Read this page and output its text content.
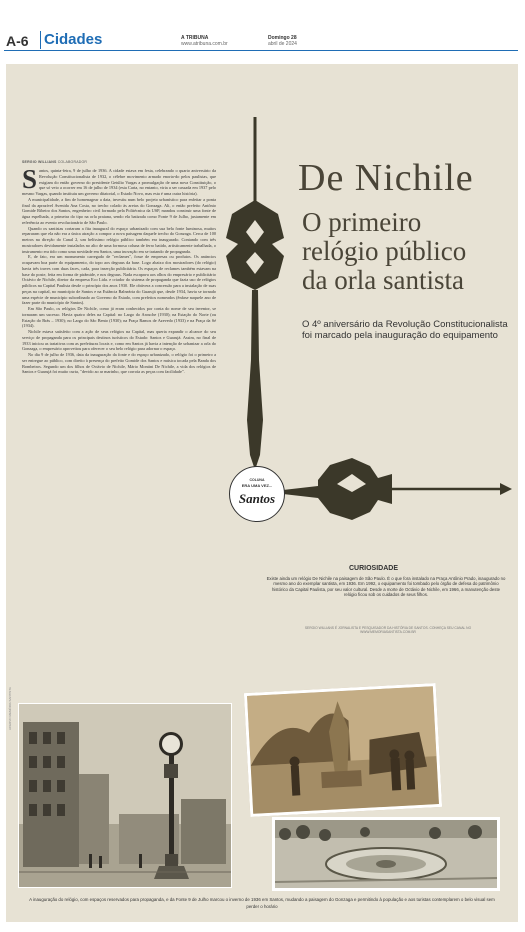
A-6 Cidades	A TRIBUNA
www.atribuna.com.br
Domingo 28
abril de 2024
SERGIO WILLIANS COLABORADOR

Santos, quinta-feira, 9 de julho de 1936. A cidade estava em festa, celebrando o quarto aniversário da Revolução Constitucionalista de 1932, o célebre movimento armado enorta-do pelos paulistas, que exigiam do então governo do presidente Getúlio Vargas a promulgação de uma nova Constituição, o que só veio a ocorrer em 16 de julho de 1934 (esta Carta, no entanto, viria a ser cassada em 1937 pelo mesmo Vargas, quando instituiu um governo ditatorial, o Estado Novo, mas esta é uma outra história).

A municipalidade, a fim de homenagear a data, investiu num belo projeto urbanístico para enfeitar a ponta final da aprazível Avenida Ana Costa, no trecho colado às areias do Gonzaga. Ali, o então prefeito Antônio Gomide Ribeiro dos Santos, engenheiro civil formado pela Politécnica da USP, mandou construir uma fonte de água espelhada, a primeira do tipo na orla praiana, sendo ela batizada como Fonte 9 de Julho, justamente em referência ao evento revolucionário de São Paulo.

Quando os santistas cortaram a fita inaugural do espaço urbanizado com sua bela fonte luminosa, muitos repararam que ela não era a única atração a compor a nova paisagem daquele trecho do Gonzaga. Cerca de 100 metros na direção do Canal 2, um belíssimo relógio público também era inaugurado. Contando com três mostradores devidamente instalados no alto de uma formosa coluna de ferro batido, artisticamente trabalhada, o instrumento era tido como uma novidade em Santos, uma inovação em se tratando de propaganda.

E, de fato, era um monumento carregado de "reclames", fosse de empresas ou produtos. Os anúncios ocupavam boa parte do equipamento, do topo aos degraus da base. Logo abaixo dos mostradores (do relógio) havia três traves com duas faces, cada, para inserção publicitária. Os espaços de reclames também estavam na base do poste, feita em forma de pirâmide, e nos degraus. Nada escapava aos olhos do empresário e publicitário Octávio de Nichile, diretor da empresa Eco Ltda. e criador do sistema de propaganda que fazia uso de relógios públicos na Capital Paulista desde o princípio dos anos 1930. Ele obtivera a concessão para a instalação de suas peças na capital, no município de Santos e na Estância Balneária do Guarujá que, desde 1934, havia se tornado uma espécie de município subordinado ao Governo do Estado, com prefeitos nomeados (ênfase naquele ano de fazer parte do município de Santos).

Em São Paulo, os relógios De Nichile, como já eram conhecidos por conta do nome de seu inventor, se tornaram um sucesso. Havia quatro deles na Capital: no Largo do Arouche (1930); na Estação do Norte (ou Estação do Brás – 1930); no Largo do São Bento (1930); na Praça Ramos de Azevedo (1933) e na Praça da Sé (1934).

Nichile estava satisfeito com a ação de seus relógios na Capital, mas queria expandir o alcance do seu serviço de propaganda para os principais destinos turísticos do Estado: Santos e Guarujá. Assim, no final de 1933 iniciou as tratativas com as prefeituras locais e, como em Santos já havia a intenção de urbanizar a orla do Gonzaga, o empresário aproveitou para oferecer o seu belo relógio para adornar o espaço.

No dia 9 de julho de 1936, data da inauguração da fonte e do espaço urbanizado, o relógio foi o primeiro a ser entregue ao público, com direito à presença do prefeito Gomide dos Santos e música tocada pela Banda dos Bombeiros. Segundo um dos filhos de Octávio de Nichile, Mário Montini De Nichile, a vida dos relógios de Santos e Guarujá foi muito curta, "devido ao ar marinho, que corroía as peças com facilidade".

De Nichile
O primeiro
relógio público
da orla santista
O 4º aniversário da Revolução Constitucionalista foi marcado pela inauguração do equipamento
COLUNA
ERA UMA VEZ...
Santos
CURIOSIDADE
Existe ainda um relógio De Nichile na paisagem de São Paulo. É o que fora instalado na Praça Antônio Prado, inaugurado no mesmo ano do exemplar santista, em 1936. Em 1992, o equipamento foi tombado pelo órgão de defesa do patrimônio histórico da Capital Paulista, por seu valor cultural. Desde a morte de Octávio de Nichile, em 1966, a manutenção deste relógio ficou sob os cuidados de seus filhos.
SERGIO WILLIANS É JORNALISTA E PESQUISADOR DA HISTÓRIA DE SANTOS. CONHEÇA SEU CANAL NO WWW.MEMORIASANTISTA.COM.BR
A inauguração do relógio, com espaços reservados para propaganda, e da Fonte 9 de Julho marcou o inverno de 1936 em Santos, mudando a paisagem do Gonzaga e permitindo à população e aos turistas contemplarem o belo visual sem perder o horário
ACERVO MEMÓRIA SANTISTA
